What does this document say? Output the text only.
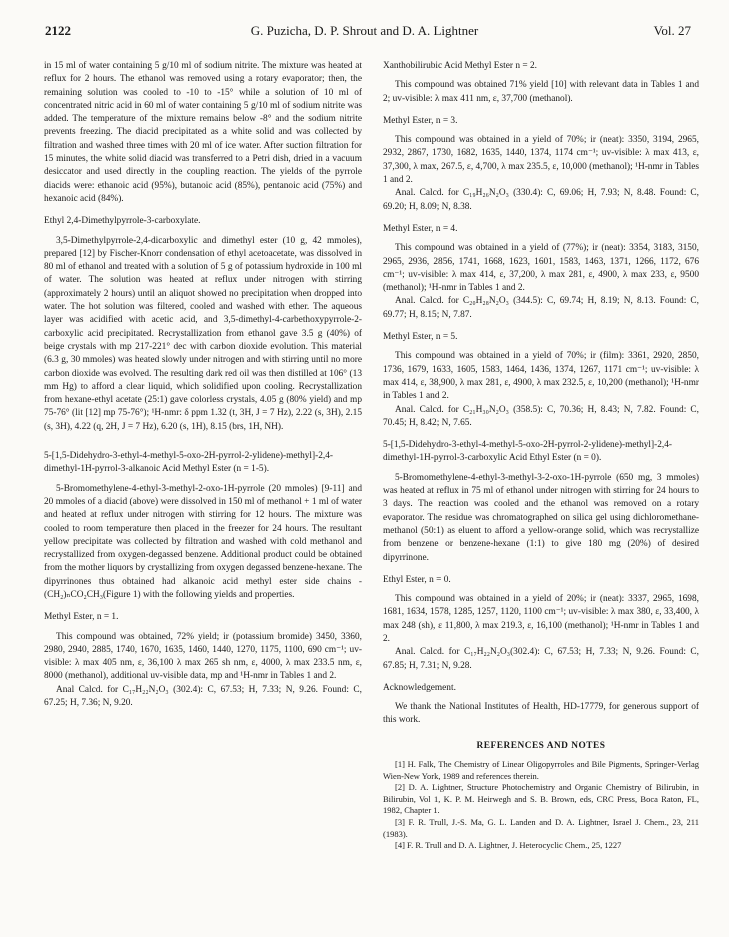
2122	G. Puzicha, D. P. Shrout and D. A. Lightner	Vol. 27

in 15 ml of water containing 5 g/10 ml of sodium nitrite. The mixture was heated at reflux for 2 hours. The ethanol was removed using a rotary evaporator; then, the remaining solution was cooled to -10 to -15° while a solution of 10 ml of concentrated nitric acid in 60 ml of water containing 5 g/10 ml of sodium nitrite was added. The temperature of the mixture remains below -8° and the sodium nitrite prevents freezing. The diacid precipitated as a white solid and was collected by filtration and washed three times with 20 ml of ice water. After suction filtration for 15 minutes, the white solid diacid was transferred to a Petri dish, dried in a vacuum desiccator and used directly in the coupling reaction. The yields of the pyrrole diacids were: ethanoic acid (95%), butanoic acid (85%), pentanoic acid (75%) and hexanoic acid (84%).

Ethyl 2,4-Dimethylpyrrole-3-carboxylate.

3,5-Dimethylpyrrole-2,4-dicarboxylic and dimethyl ester (10 g, 42 mmoles), prepared [12] by Fischer-Knorr condensation of ethyl acetoacetate, was dissolved in 80 ml of ethanol and treated with a solution of 5 g of potassium hydroxide in 100 ml of water. The solution was heated at reflux under nitrogen with stirring (approximately 2 hours) until an aliquot showed no precipitation when dropped into water. The hot solution was filtered, cooled and washed with ether. The aqueous layer was acidified with acetic acid, and 3,5-dimethyl-4-carbethoxypyrrole-2-carboxylic acid precipitated. Recrystallization from ethanol gave 3.5 g (40%) of beige crystals with mp 217-221° dec with carbon dioxide evolution. This material (6.3 g, 30 mmoles) was heated slowly under nitrogen and with stirring until no more carbon dioxide was evolved. The resulting dark red oil was then distilled at 106° (13 mm Hg) to afford a clear liquid, which solidified upon cooling. Recrystallization from hexane-ethyl acetate (25:1) gave colorless crystals, 4.05 g (80% yield) and mp 75-76° (lit [12] mp 75-76°); ¹H-nmr: δ ppm 1.32 (t, 3H, J = 7 Hz), 2.22 (s, 3H), 2.15 (s, 3H), 4.22 (q, 2H, J = 7 Hz), 6.20 (s, 1H), 8.15 (brs, 1H, NH).

5-[1,5-Didehydro-3-ethyl-4-methyl-5-oxo-2H-pyrrol-2-ylidene)-methyl]-2,4-dimethyl-1H-pyrrol-3-alkanoic Acid Methyl Ester (n = 1-5).

5-Bromomethylene-4-ethyl-3-methyl-2-oxo-1H-pyrrole (20 mmoles) [9-11] and 20 mmoles of a diacid (above) were dissolved in 150 ml of methanol + 1 ml of water and heated at reflux under nitrogen with stirring for 12 hours. The mixture was cooled to room temperature then placed in the freezer for 24 hours. The resultant yellow precipitate was collected by filtration and washed with cold methanol and recrystallized from oxygen-degassed benzene. Additional product could be obtained from the mother liquors by crystallizing from oxygen degassed benzene-hexane. The dipyrrinones thus obtained had alkanoic acid methyl ester side chains -(CH₂)ₙCO₂CH₃(Figure 1) with the following yields and properties.

Methyl Ester, n = 1.

This compound was obtained, 72% yield; ir (potassium bromide) 3450, 3360, 2980, 2940, 2885, 1740, 1670, 1635, 1460, 1440, 1270, 1175, 1100, 690 cm⁻¹; uv-visible: λ max 405 nm, ε, 36,100 λ max 265 sh nm, ε, 4000, λ max 233.5 nm, ε, 8000 (methanol), additional uv-visible data, mp and ¹H-nmr in Tables 1 and 2.

Anal Calcd. for C₁₇H₂₂N₂O₃ (302.4): C, 67.53; H, 7.33; N, 9.26. Found: C, 67.25; H, 7.36; N, 9.20.

Xanthobilirubic Acid Methyl Ester n = 2.

This compound was obtained 71% yield [10] with relevant data in Tables 1 and 2; uv-visible: λ max 411 nm, ε, 37,700 (methanol).

Methyl Ester, n = 3.

This compound was obtained in a yield of 70%; ir (neat): 3350, 3194, 2965, 2932, 2867, 1730, 1682, 1635, 1440, 1374, 1174 cm⁻¹; uv-visible: λ max 413, ε, 37,300, λ max, 267.5, ε, 4,700, λ max 235.5, ε, 10,000 (methanol); ¹H-nmr in Tables 1 and 2.

Anal. Calcd. for C₁₉H₂₆N₂O₃ (330.4): C, 69.06; H, 7.93; N, 8.48. Found: C, 69.20; H, 8.09; N, 8.38.

Methyl Ester, n = 4.

This compound was obtained in a yield of (77%); ir (neat): 3354, 3183, 3150, 2965, 2936, 2856, 1741, 1668, 1623, 1601, 1583, 1463, 1371, 1266, 1172, 676 cm⁻¹; uv-visible: λ max 414, ε, 37,200, λ max 281, ε, 4900, λ max 233, ε, 9500 (methanol); ¹H-nmr in Tables 1 and 2.

Anal. Calcd. for C₂₀H₂₈N₂O₃ (344.5): C, 69.74; H, 8.19; N, 8.13. Found: C, 69.77; H, 8.15; N, 7.87.

Methyl Ester, n = 5.

This compound was obtained in a yield of 70%; ir (film): 3361, 2920, 2850, 1736, 1679, 1633, 1605, 1583, 1464, 1436, 1374, 1267, 1171 cm⁻¹; uv-visible: λ max 414, ε, 38,900, λ max 281, ε, 4900, λ max 232.5, ε, 10,200 (methanol); ¹H-nmr in Tables 1 and 2.

Anal. Calcd. for C₂₁H₃₀N₂O₃ (358.5): C, 70.36; H, 8.43; N, 7.82. Found: C, 70.45; H, 8.42; N, 7.65.

5-[1,5-Didehydro-3-ethyl-4-methyl-5-oxo-2H-pyrrol-2-ylidene)-methyl]-2,4-dimethyl-1H-pyrrol-3-carboxylic Acid Ethyl Ester (n = 0).

5-Bromomethylene-4-ethyl-3-methyl-3-2-oxo-1H-pyrrole (650 mg, 3 mmoles) was heated at reflux in 75 ml of ethanol under nitrogen with stirring for 24 hours to 3 days. The reaction was cooled and the ethanol was removed on a rotary evaporator. The residue was chromatographed on silica gel using dichloromethane-methanol (50:1) as eluent to afford a yellow-orange solid, which was recrystallize from benzene or benzene-hexane (1:1) to give 180 mg (20%) of desired dipyrrinone.

Ethyl Ester, n = 0.

This compound was obtained in a yield of 20%; ir (neat): 3337, 2965, 1698, 1681, 1634, 1578, 1285, 1257, 1120, 1100 cm⁻¹; uv-visible: λ max 380, ε, 33,400, λ max 248 (sh), ε 11,800, λ max 219.3, ε, 16,100 (methanol); ¹H-nmr in Tables 1 and 2.

Anal. Calcd. for C₁₇H₂₂N₂O₃(302.4): C, 67.53; H, 7.33; N, 9.26. Found: C, 67.85; H, 7.31; N, 9.28.

Acknowledgement.

We thank the National Institutes of Health, HD-17779, for generous support of this work.

REFERENCES AND NOTES

[1] H. Falk, The Chemistry of Linear Oligopyrroles and Bile Pigments, Springer-Verlag Wien-New York, 1989 and references therein.

[2] D. A. Lightner, Structure Photochemistry and Organic Chemistry of Bilirubin, in Bilirubin, Vol 1, K. P. M. Heirwegh and S. B. Brown, eds, CRC Press, Boca Raton, FL, 1982, Chapter 1.

[3] F. R. Trull, J.-S. Ma, G. L. Landen and D. A. Lightner, Israel J. Chem., 23, 211 (1983).

[4] F. R. Trull and D. A. Lightner, J. Heterocyclic Chem., 25, 1227
